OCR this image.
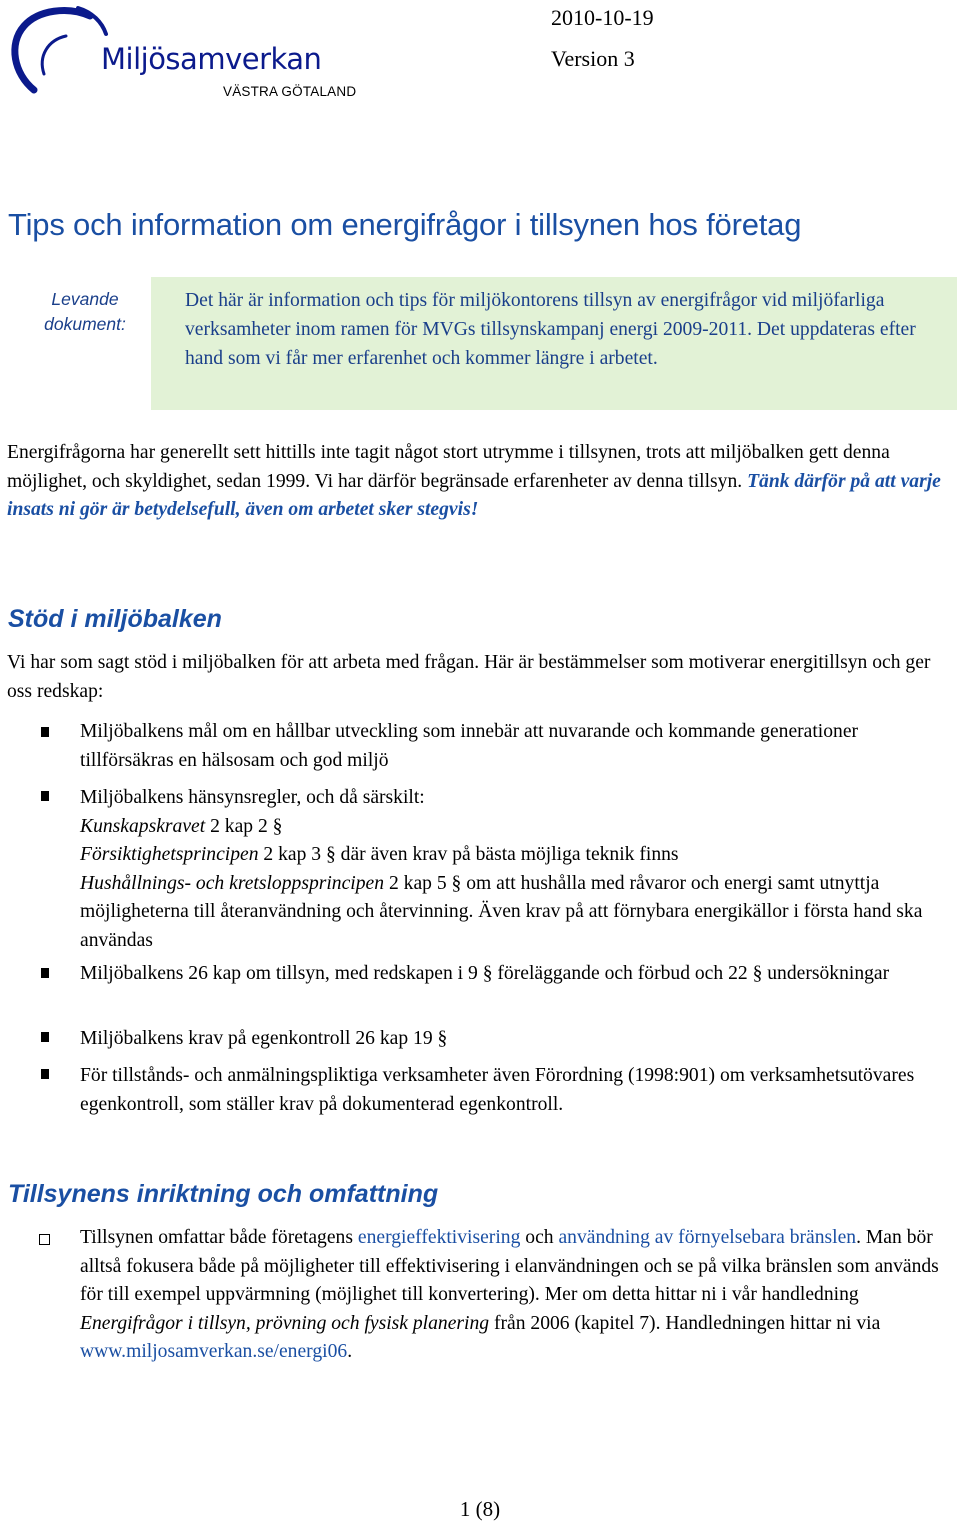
Miljösamverkan
VÄSTRA GÖTALAND
2010-10-19
Version 3
Tips och information om energifrågor i tillsynen hos företag
Levande dokument:

Det här är information och tips för miljökontorens tillsyn av energifrågor vid miljöfarliga verksamheter inom ramen för MVGs tillsynskampanj energi 2009-2011. Det uppdateras efter hand som vi får mer erfarenhet och kommer längre i arbetet.

Energifrågorna har generellt sett hittills inte tagit något stort utrymme i tillsynen, trots att miljöbalken gett denna möjlighet, och skyldighet, sedan 1999. Vi har därför begränsade erfarenheter av denna tillsyn. Tänk därför på att varje insats ni gör är betydelsefull, även om arbetet sker stegvis!

Stöd i miljöbalken

Vi har som sagt stöd i miljöbalken för att arbeta med frågan. Här är bestämmelser som motiverar energitillsyn och ger oss redskap:

Miljöbalkens mål om en hållbar utveckling som innebär att nuvarande och kommande generationer tillförsäkras en hälsosam och god miljö

Miljöbalkens hänsynsregler, och då särskilt:
Kunskapskravet 2 kap 2 §
Försiktighetsprincipen 2 kap 3 § där även krav på bästa möjliga teknik finns
Hushållnings- och kretsloppsprincipen 2 kap 5 § om att hushålla med råvaror och energi samt utnyttja möjligheterna till återanvändning och återvinning. Även krav på att förnybara energikällor i första hand ska användas

Miljöbalkens 26 kap om tillsyn, med redskapen i 9 § föreläggande och förbud och 22 § undersökningar

Miljöbalkens krav på egenkontroll 26 kap 19 §

För tillstånds- och anmälningspliktiga verksamheter även Förordning (1998:901) om verksamhetsutövares egenkontroll, som ställer krav på dokumenterad egenkontroll.

Tillsynens inriktning och omfattning

Tillsynen omfattar både företagens energieffektivisering och användning av förnyelsebara bränslen. Man bör alltså fokusera både på möjligheter till effektivisering i elanvändningen och se på vilka bränslen som används för till exempel uppvärmning (möjlighet till konvertering). Mer om detta hittar ni i vår handledning Energifrågor i tillsyn, prövning och fysisk planering från 2006 (kapitel 7). Handledningen hittar ni via www.miljosamverkan.se/energi06.

1 (8)
